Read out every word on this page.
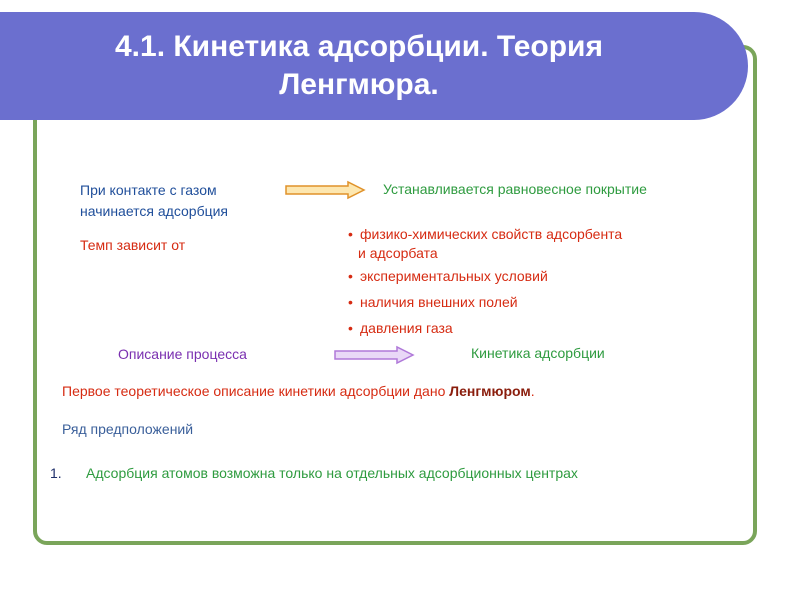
4.1. Кинетика адсорбции. Теория
Ленгмюра.
При контакте с газом
начинается адсорбция
Устанавливается равновесное покрытие
Темп зависит от
• физико-химических свойств адсорбента
и адсорбата
• экспериментальных условий
• наличия внешних полей
• давления газа
Описание процесса	Кинетика адсорбции
Первое теоретическое описание кинетики адсорбции дано Ленгмюром.
Ряд предположений
1. Адсорбция атомов возможна только на отдельных адсорбционных центрах
